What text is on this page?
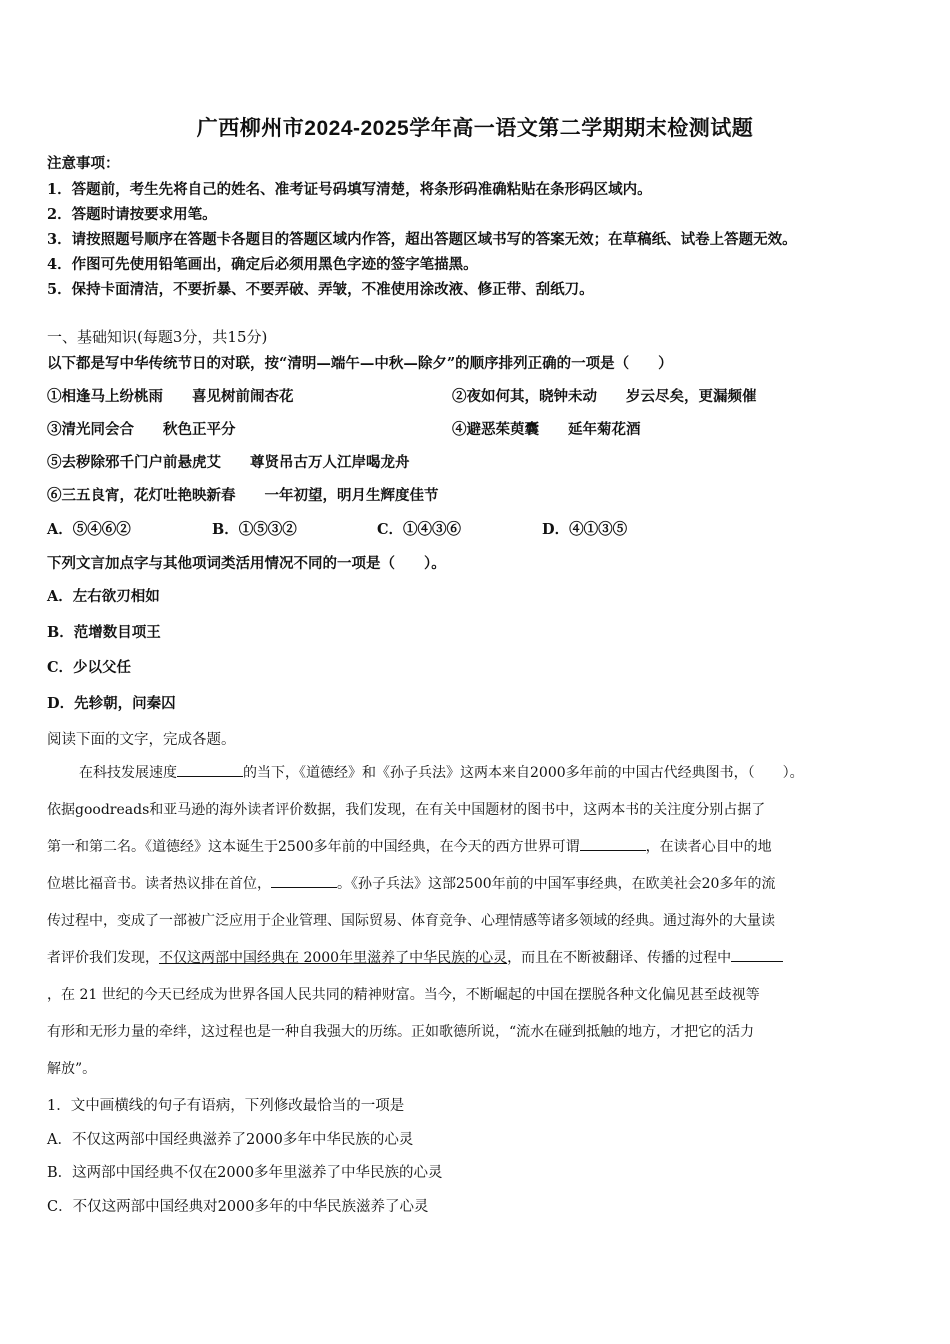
广西柳州市2024-2025学年高一语文第二学期期末检测试题
注意事项：
1．答题前，考生先将自己的姓名、准考证号码填写清楚，将条形码准确粘贴在条形码区域内。
2．答题时请按要求用笔。
3．请按照题号顺序在答题卡各题目的答题区域内作答，超出答题区域书写的答案无效；在草稿纸、试卷上答题无效。
4．作图可先使用铅笔画出，确定后必须用黑色字迹的签字笔描黑。
5．保持卡面清洁，不要折暴、不要弄破、弄皱，不准使用涂改液、修正带、刮纸刀。
一、基础知识(每题3分，共15分)
以下都是写中华传统节日的对联，按“清明—端午—中秋—除夕”的顺序排列正确的一项是（　　）
①相逢马上纷桃雨　　喜见树前闹杏花	②夜如何其，晓钟未动　　岁云尽矣，更漏频催
③清光同会合　　秋色正平分	④避恶茱萸囊　　延年菊花酒
⑤去秽除邪千门户前悬虎艾　　尊贤吊古万人江岸喝龙舟
⑥三五良宵，花灯吐艳映新春　　一年初望，明月生辉度佳节
A．⑤④⑥②	B．①⑤③②	C．①④③⑥	D．④①③⑤
下列文言加点字与其他项词类活用情况不同的一项是（　　）。
A．左右欲刃相如
B．范增数目项王
C．少以父任
D．先轸朝，问秦囚
阅读下面的文字，完成各题。
在科技发展速度	的当下，《道德经》和《孙子兵法》这两本来自2000多年前的中国古代经典图书，（　　）。
依据goodreads和亚马逊的海外读者评价数据，我们发现，在有关中国题材的图书中，这两本书的关注度分别占据了
第一和第二名。《道德经》这本诞生于2500多年前的中国经典，在今天的西方世界可谓	，在读者心目中的地
位堪比福音书。读者热议排在首位，	。《孙子兵法》这部2500年前的中国军事经典，在欧美社会20多年的流
传过程中，变成了一部被广泛应用于企业管理、国际贸易、体育竞争、心理情感等诸多领域的经典。通过海外的大量读
者评价我们发现，不仅这两部中国经典在 2000年里滋养了中华民族的心灵，而且在不断被翻译、传播的过程中
，在 21 世纪的今天已经成为世界各国人民共同的精神财富。当今，不断崛起的中国在摆脱各种文化偏见甚至歧视等
有形和无形力量的牵绊，这过程也是一种自我强大的历练。正如歌德所说，“流水在碰到抵触的地方，才把它的活力
解放”。
1．文中画横线的句子有语病，下列修改最恰当的一项是
A．不仅这两部中国经典滋养了2000多年中华民族的心灵
B．这两部中国经典不仅在2000多年里滋养了中华民族的心灵
C．不仅这两部中国经典对2000多年的中华民族滋养了心灵
